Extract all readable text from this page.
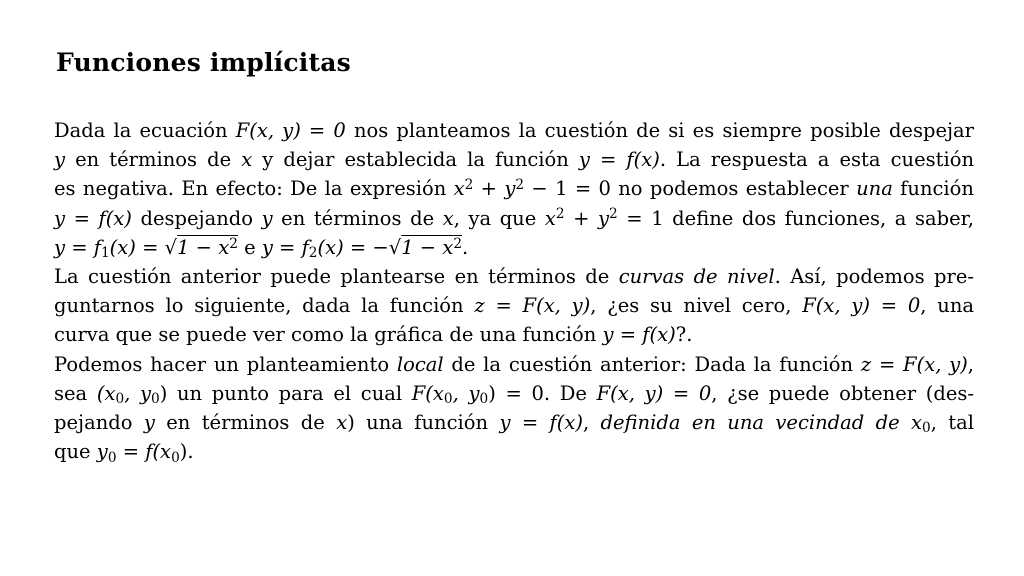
Funciones implícitas
Dada la ecuación F(x, y) = 0 nos planteamos la cuestión de si es siempre posible despejar
y en términos de x y dejar establecida la función y = f(x). La respuesta a esta cuestión
es negativa. En efecto: De la expresión $x^2 + y^2 - 1 = 0$ no podemos establecer una función
y = f(x) despejando y en términos de x, ya que $x^2 + y^2 = 1$ define dos funciones, a saber,
$y = f_1(x) = √1 - x^2$ e $y = f_2(x) = -√1 - x^2$.
La cuestión anterior puede plantearse en términos de curvas de nivel. Así, podemos pre-
guntarnos lo siguiente, dada la función z = F(x, y), ¿es su nivel cero, F(x, y) = 0, una
curva que se puede ver como la gráfica de una función y = f(x)?.
Podemos hacer un planteamiento local de la cuestión anterior: Dada la función z = F(x, y),
sea ($x_0$, $y_0$) un punto para el cual $F(x_0$, $y_0) = 0$. De F(x, y) = 0, ¿se puede obtener (des-
pejando y en términos de x) una función y = f(x), definida en una vecindad de $x_0$, tal
que $y_0 = f(x_0)$.
